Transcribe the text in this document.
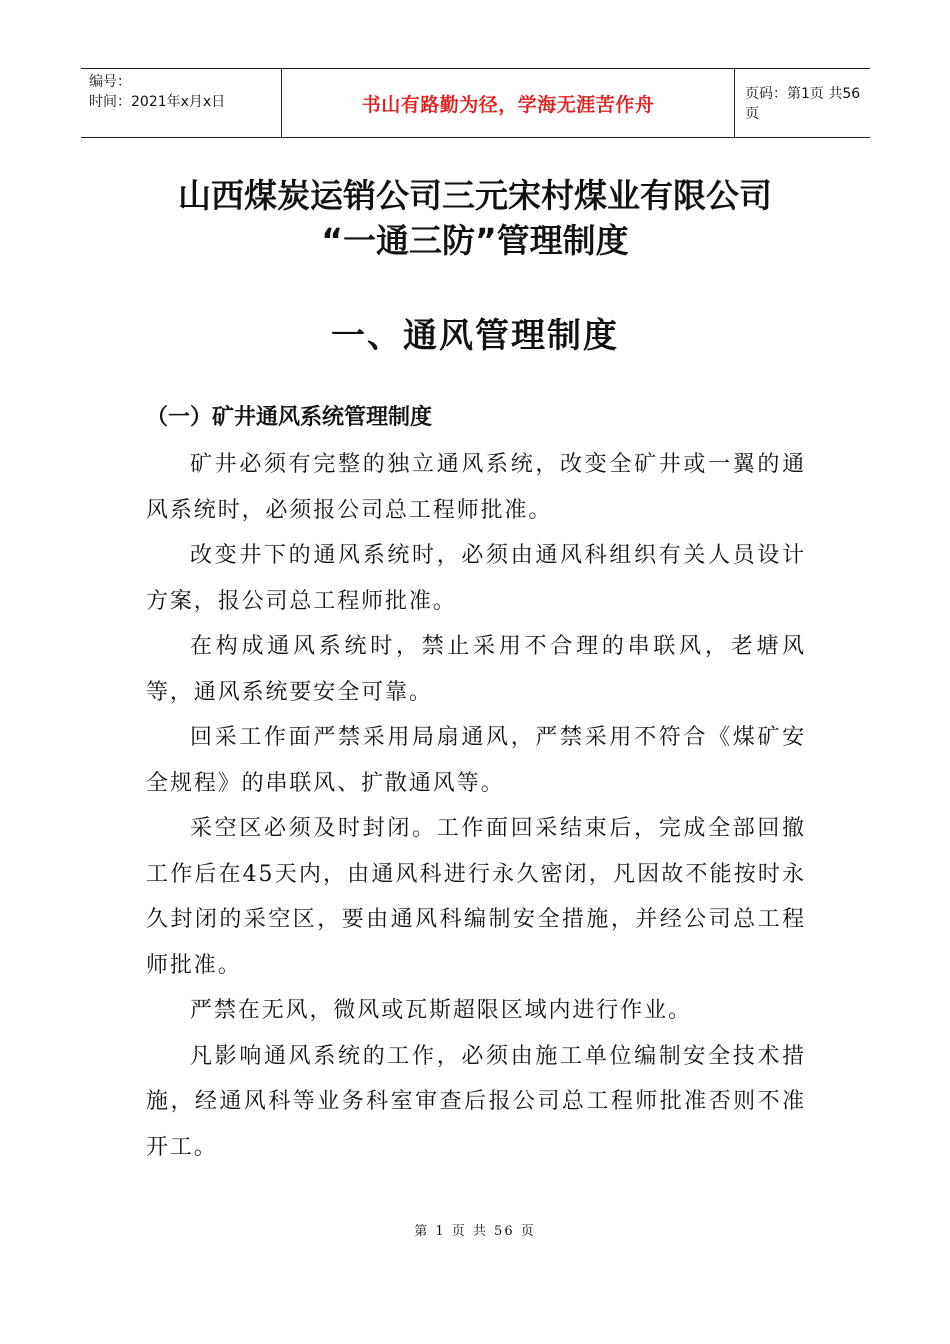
编号：
时间：2021年x月x日	书山有路勤为径，学海无涯苦作舟	页码：第1页 共56页
山西煤炭运销公司三元宋村煤业有限公司
“一通三防”管理制度
一、通风管理制度
（一）矿井通风系统管理制度

矿井必须有完整的独立通风系统，改变全矿井或一翼的通风系统时，必须报公司总工程师批准。

改变井下的通风系统时，必须由通风科组织有关人员设计方案，报公司总工程师批准。

在构成通风系统时，禁止采用不合理的串联风，老塘风等，通风系统要安全可靠。

回采工作面严禁采用局扇通风，严禁采用不符合《煤矿安全规程》的串联风、扩散通风等。

采空区必须及时封闭。工作面回采结束后，完成全部回撤工作后在45天内，由通风科进行永久密闭，凡因故不能按时永久封闭的采空区，要由通风科编制安全措施，并经公司总工程师批准。

严禁在无风，微风或瓦斯超限区域内进行作业。

凡影响通风系统的工作，必须由施工单位编制安全技术措施，经通风科等业务科室审查后报公司总工程师批准否则不准开工。

第 1 页 共 56 页
